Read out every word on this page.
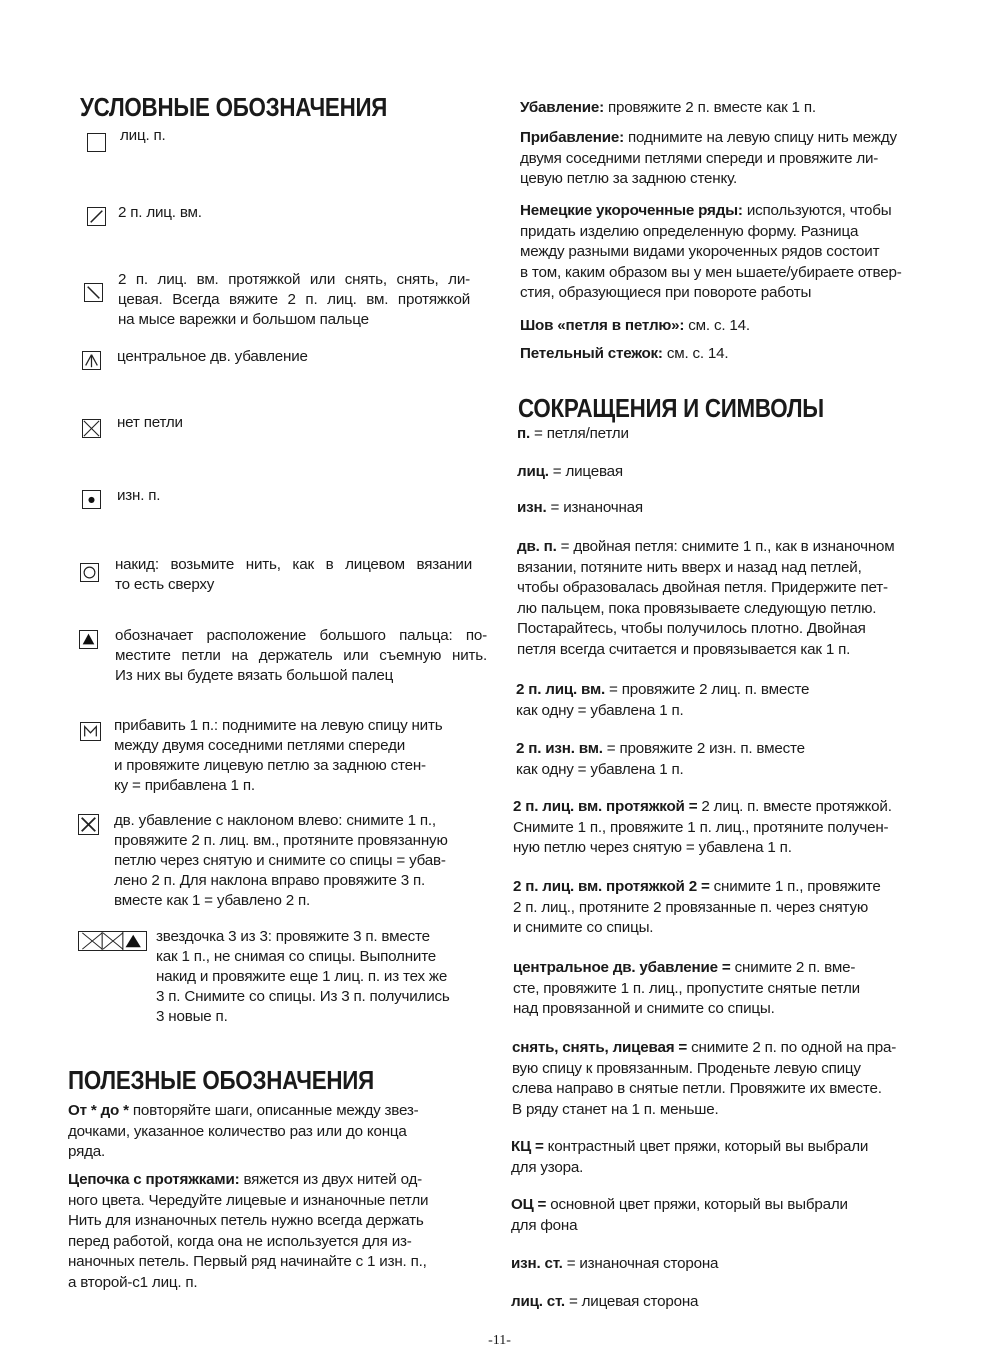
УСЛОВНЫЕ ОБОЗНАЧЕНИЯ
лиц. п.
2 п. лиц. вм.
2 п. лиц. вм. протяжкой или снять, снять, ли-
цевая. Всегда вяжите 2 п. лиц. вм. протяжкой
на мысе варежки и большом пальце
центральное дв. убавление
нет петли
изн. п.
накид: возьмите нить, как в лицевом вязании
то есть сверху
обозначает расположение большого пальца: по-
местите петли на держатель или съемную нить.
Из них вы будете вязать большой палец
прибавить 1 п.: поднимите на левую спицу нить
между двумя соседними петлями спереди
и провяжите лицевую петлю за заднюю стен-
ку = прибавлена 1 п.
дв. убавление с наклоном влево: снимите 1 п.,
провяжите 2 п. лиц. вм., протяните провязанную
петлю через снятую и снимите со спицы = убав-
лено 2 п. Для наклона вправо провяжите 3 п.
вместе как 1 = убавлено 2 п.
звездочка 3 из 3: провяжите 3 п. вместе
как 1 п., не снимая со спицы. Выполните
накид и провяжите еще 1 лиц. п. из тех же
3 п. Снимите со спицы. Из 3 п. получились
3 новые п.
ПОЛЕЗНЫЕ ОБОЗНАЧЕНИЯ
От * до * повторяйте шаги, описанные между звез-
дочками, указанное количество раз или до конца
ряда.
Цепочка с протяжками: вяжется из двух нитей од-
ного цвета. Чередуйте лицевые и изнаночные петли
Нить для изнаночных петель нужно всегда держать
перед работой, когда она не используется для из-
наночных петель. Первый ряд начинайте с 1 изн. п.,
а второй-с1 лиц. п.
Убавление: провяжите 2 п. вместе как 1 п.
Прибавление: поднимите на левую спицу нить между
двумя соседними петлями спереди и провяжите ли-
цевую петлю за заднюю стенку.
Немецкие укороченные ряды: используются, чтобы
придать изделию определенную форму. Разница
между разными видами укороченных рядов состоит
в том, каким образом вы у мен ьшаете/убираете отвер-
стия, образующиеся при повороте работы
Шов «петля в петлю»: см. с. 14.
Петельный стежок: см. с. 14.
СОКРАЩЕНИЯ И СИМВОЛЫ
п. = петля/петли
лиц. = лицевая
изн. = изнаночная
дв. п. = двойная петля: снимите 1 п., как в изнаночном
вязании, потяните нить вверх и назад над петлей,
чтобы образовалась двойная петля. Придержите пет-
лю пальцем, пока провязываете следующую петлю.
Постарайтесь, чтобы получилось плотно. Двойная
петля всегда считается и провязывается как 1 п.
2 п. лиц. вм. = провяжите 2 лиц. п. вместе
как одну = убавлена 1 п.
2 п. изн. вм. = провяжите 2 изн. п. вместе
как одну = убавлена 1 п.
2 п. лиц. вм. протяжкой = 2 лиц. п. вместе протяжкой.
Снимите 1 п., провяжите 1 п. лиц., протяните получен-
ную петлю через снятую = убавлена 1 п.
2 п. лиц. вм. протяжкой 2 = снимите 1 п., провяжите
2 п. лиц., протяните 2 провязанные п. через снятую
и снимите со спицы.
центральное дв. убавление = снимите 2 п. вме-
сте, провяжите 1 п. лиц., пропустите снятые петли
над провязанной и снимите со спицы.
снять, снять, лицевая = снимите 2 п. по одной на пра-
вую спицу к провязанным. Проденьте левую спицу
слева направо в снятые петли. Провяжите их вместе.
В ряду станет на 1 п. меньше.
КЦ = контрастный цвет пряжи, который вы выбрали
для узора.
ОЦ = основной цвет пряжи, который вы выбрали
для фона
изн. ст. = изнаночная сторона
лиц. ст. = лицевая сторона
-11-
